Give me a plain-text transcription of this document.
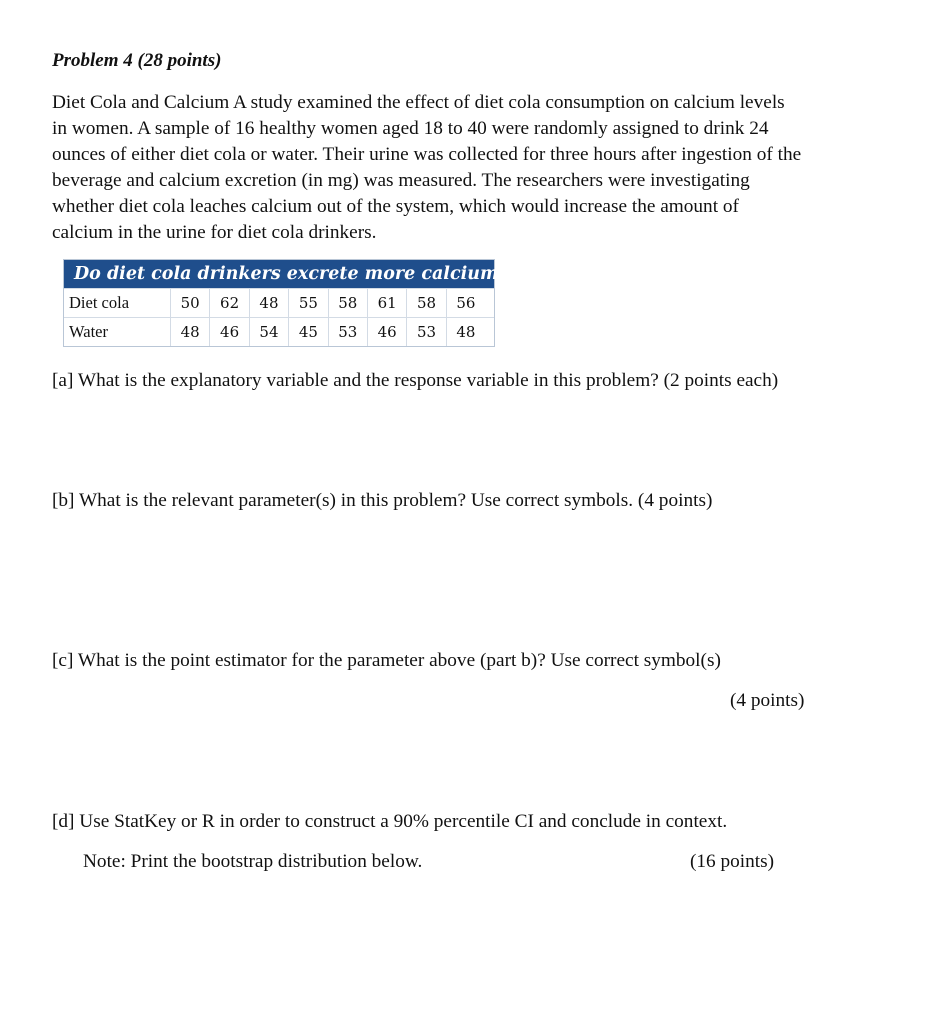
Problem 4 (28 points)
Diet Cola and Calcium A study examined the effect of diet cola consumption on calcium levels
in women. A sample of 16 healthy women aged 18 to 40 were randomly assigned to drink 24
ounces of either diet cola or water. Their urine was collected for three hours after ingestion of the
beverage and calcium excretion (in mg) was measured. The researchers were investigating
whether diet cola leaches calcium out of the system, which would increase the amount of
calcium in the urine for diet cola drinkers.
Do diet cola drinkers excrete more calcium?
Diet cola	50	62	48	55	58	61	58	56
Water	48	46	54	45	53	46	53	48
[a] What is the explanatory variable and the response variable in this problem? (2 points each)
[b] What is the relevant parameter(s) in this problem? Use correct symbols. (4 points)
[c] What is the point estimator for the parameter above (part b)? Use correct symbol(s)
(4 points)
[d] Use StatKey or R in order to construct a 90% percentile CI and conclude in context.
Note: Print the bootstrap distribution below.	(16 points)
